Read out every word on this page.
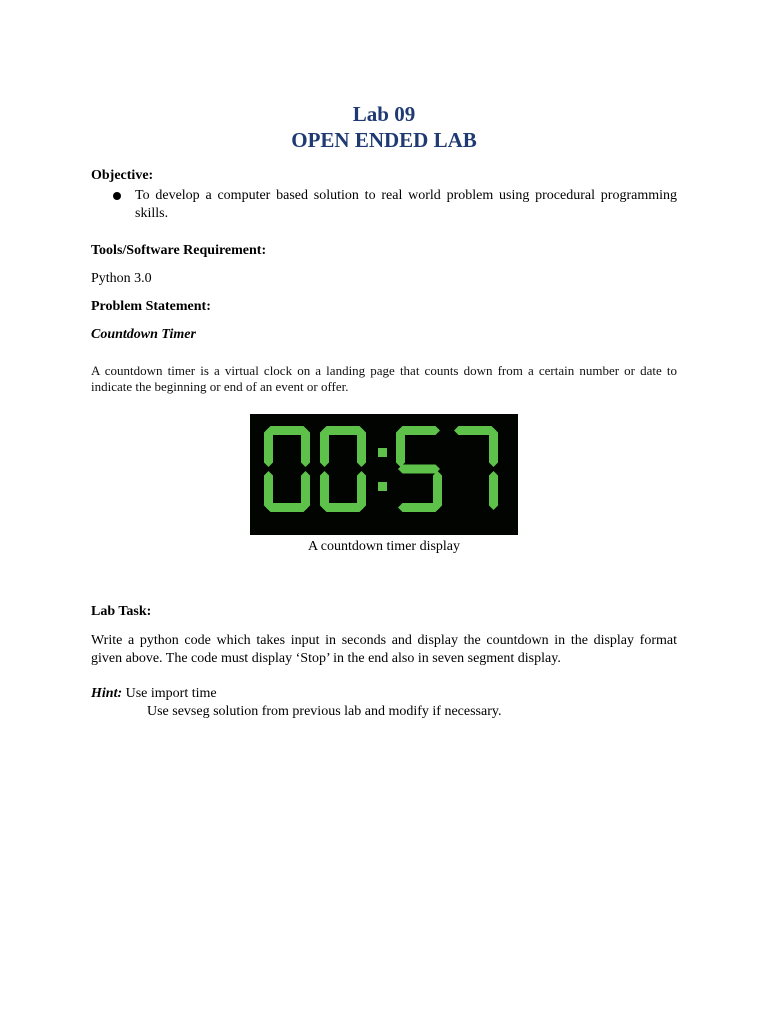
Lab 09
OPEN ENDED LAB
Objective:
To develop a computer based solution to real world problem using procedural programming skills.
Tools/Software Requirement:
Python 3.0
Problem Statement:
Countdown Timer
A countdown timer is a virtual clock on a landing page that counts down from a certain number or date to indicate the beginning or end of an event or offer.
A countdown timer display
Lab Task:
Write a python code which takes input in seconds and display the countdown in the display format given above. The code must display ‘Stop’ in the end also in seven segment display.
Hint: Use import time
Use sevseg solution from previous lab and modify if necessary.
